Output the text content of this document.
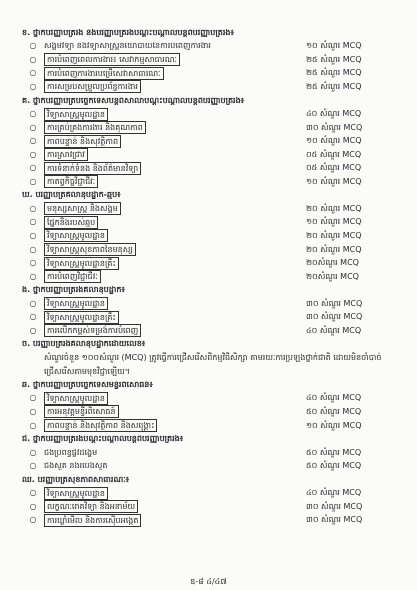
ខ. ថ្នាក់បរិញ្ញាបត្ររង និងបរិញ្ញាបត្ររងបណ្ដុះបណ្ដាលបន្តពីបរិញ្ញាបត្ររង៖
○ សង្គមវិទ្យា និងវិទ្យាសាស្ត្រនយោបាយនៃការបំពេញការងារ	១០ សំណួរ MCQ
○	ការបំពេញពេលការងារ៖ សេវាកម្មសាធារណៈ	២៥ សំណួរ MCQ
○	ការបំពេញការងារបម្រើសេវាសាធារណៈ	២៥ សំណួរ MCQ
○	ការសម្របសម្រួលប្រព័ន្ធការងារ	២៥ សំណួរ MCQ
គ. ថ្នាក់បរិញ្ញាបត្របច្ចេកទេសបន្តពីសាលាបណ្ដុះបណ្ដាលបន្តពីបរិញ្ញាបត្ររង៖
○	វិទ្យាសាស្ត្រមូលដ្ឋាន	៤០ សំណួរ MCQ
○	ការគ្រប់គ្រងការងារ និងគុណភាព	៣០ សំណួរ MCQ
○	ភាពបន្ទាន់ និងសុវត្ថិភាព	១០ សំណួរ MCQ
○	ការស្រាវជ្រាវ	០៥ សំណួរ MCQ
○	ការទំនាក់ទំនង និងព័ត៌មានវិទ្យា	០៥ សំណួរ MCQ
○	កាតព្វកិច្ចវិជ្ជាជីវៈ	១០ សំណួរ MCQ
ឃ. បរិញ្ញាបត្រគិលានុបដ្ឋាក-ឆ្មប៖
○	មនុស្សសាស្ត្រ និងសង្គម	២០ សំណួរ MCQ
○	ផ្នែកនិងរបស់ឆ្មប	១០ សំណួរ MCQ
○	វិទ្យាសាស្ត្រមូលដ្ឋាន	២០ សំណួរ MCQ
○	វិទ្យាសាស្ត្រសុខភាពនៃមនុស្ស	២០ សំណួរ MCQ
○	វិទ្យាសាស្ត្រមូលដ្ឋានគ្រឹះ	២០សំណួរ MCQ
○	ការបំពេញវិជ្ជាជីវៈ	២០សំណួរ MCQ
ង. ថ្នាក់បរិញ្ញាបត្ររងគិលានុបដ្ឋាក៖
○	វិទ្យាសាស្ត្រមូលដ្ឋាន	៣០ សំណួរ MCQ
○	វិទ្យាសាស្ត្រមូលដ្ឋានគ្រឹះ	៣០ សំណួរ MCQ
○	ការលើកកម្ពស់ទម្រង់ការបំពេញ	៤០ សំណួរ MCQ
ច. បរិញ្ញាបត្ររងគិលានុបដ្ឋាកដោយលេខ៖
សំណួរចំនួន ១០០សំណួរ (MCQ) ត្រូវធ្វើការជ្រើសរើសពីកម្មវិធីសិក្សា តាមរយៈការប្រឡងថ្នាក់ជាតិ ដោយមិនចាំបាច់ជ្រើសរើសតាមមុខវិជ្ជាឡើយ។
ឆ. ថ្នាក់បរិញ្ញាបត្របច្ចេកទេសមន្ទីរពិសោធន៍៖
○	វិទ្យាសាស្ត្រមូលដ្ឋាន	៤០ សំណួរ MCQ
○	ការអនុវត្តមន្ទីរពិសោធន៍	៥០ សំណួរ MCQ
○	ភាពបន្ទាន់ និងសុវត្ថិភាព និងសង្គ្រោះ	១០ សំណួរ MCQ
ជ. ថ្នាក់បរិញ្ញាបត្ររងបណ្ដុះបណ្ដាលបន្តពីបរិញ្ញាបត្ររង៖
○ ជំងឺប្រព័ន្ធផ្លូវដង្ហើម	៥០ សំណួរ MCQ
○ ជំងឺសួត និងរបេងសួត	៥០ សំណួរ MCQ
ឈ. បរិញ្ញាបត្រសុខភាពសាធារណៈ៖
○	វិទ្យាសាស្ត្រមូលដ្ឋាន	៤០ សំណួរ MCQ
○	លក្ខណៈរោគវិទ្យា និងអនាម័យ	៣០ សំណួរ MCQ
○	ការឃ្លាំមើល និងការស៊ើបអង្កេត	៣០ សំណួរ MCQ
ឧ-៨ ៤/៤៧
